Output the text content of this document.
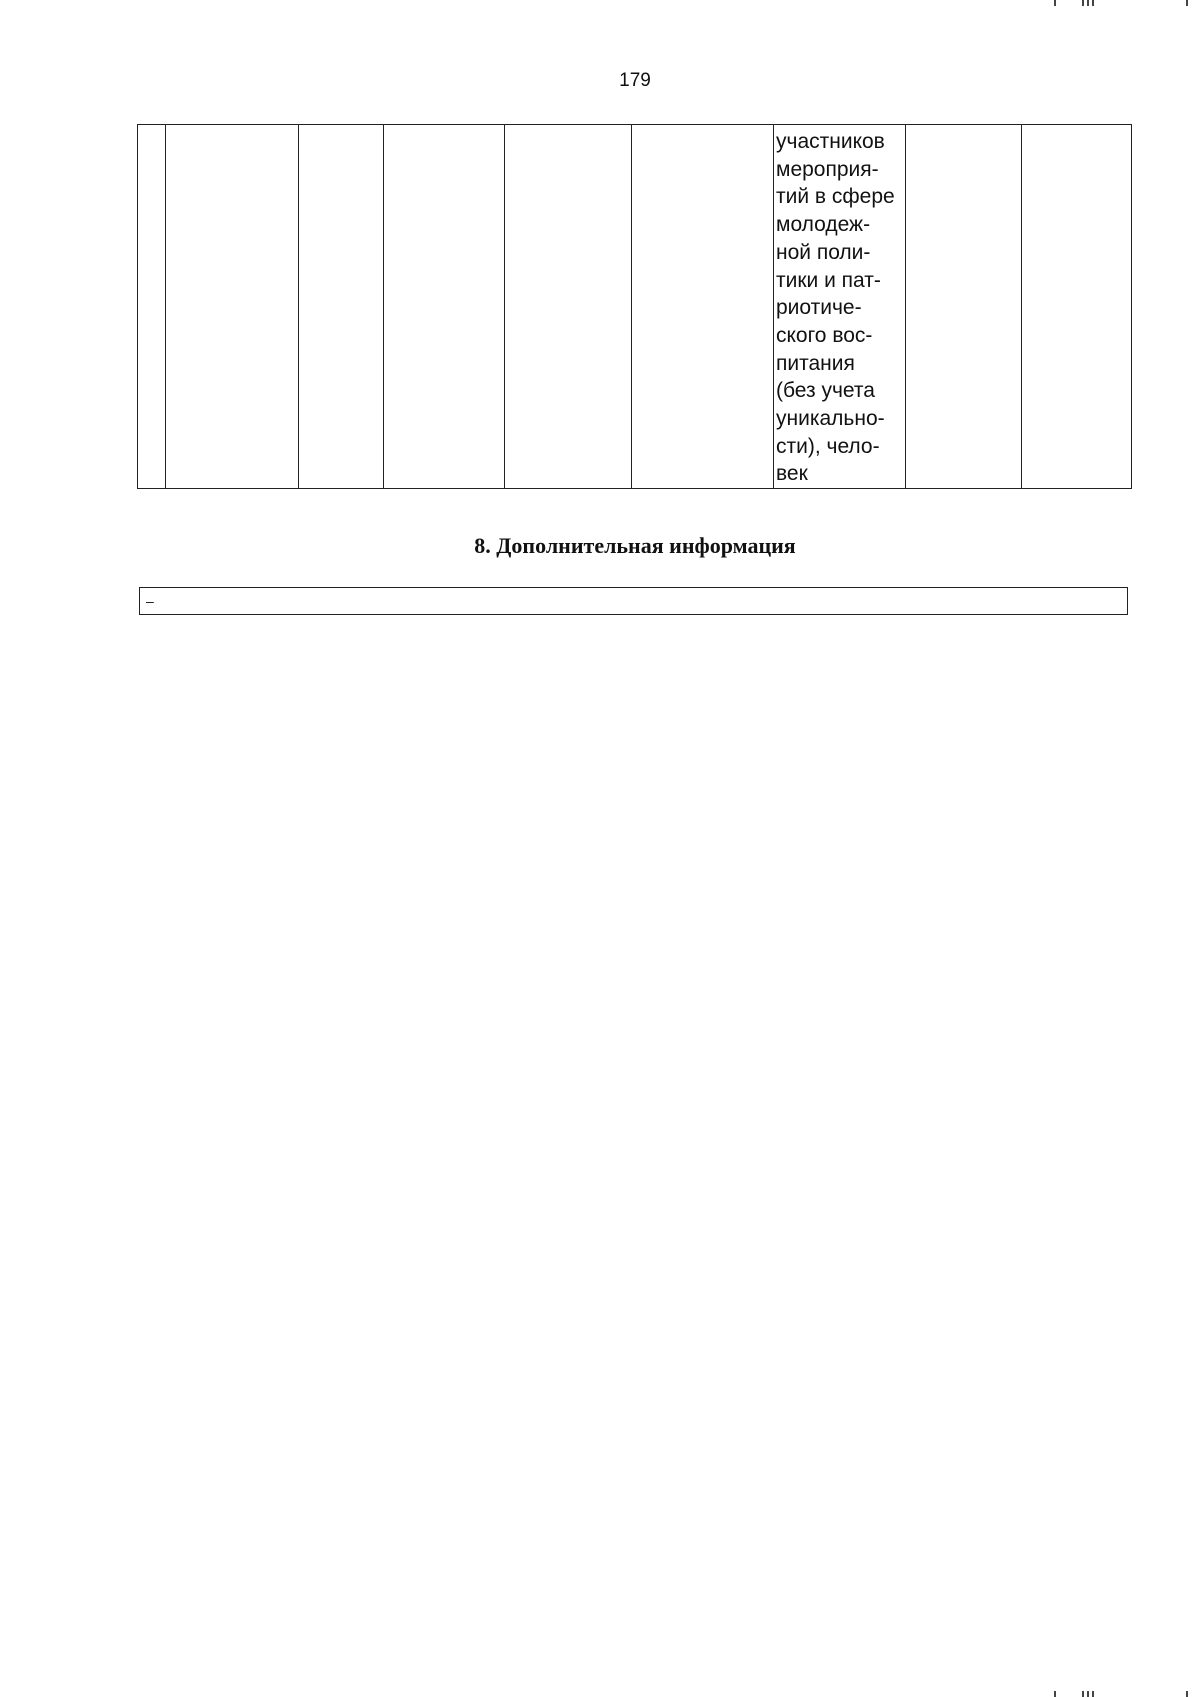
179

участников
мероприя-
тий в сфере
молодеж-
ной поли-
тики и пат-
риотиче-
ского вос-
питания
(без учета
уникально-
сти), чело-
век

8. Дополнительная информация
–
